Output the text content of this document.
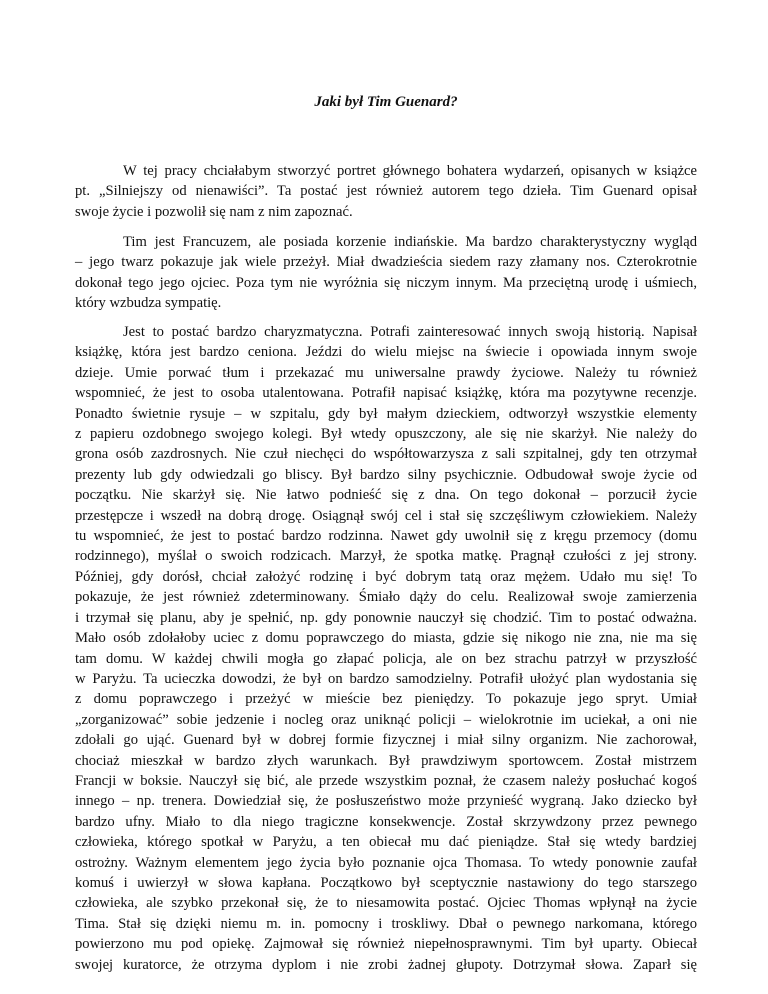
Jaki był Tim Guenard?

W tej pracy chciałabym stworzyć portret głównego bohatera wydarzeń, opisanych w książce
pt. „Silniejszy od nienawiści”. Ta postać jest również autorem tego dzieła. Tim Guenard opisał
swoje życie i pozwolił się nam z nim zapoznać.

Tim jest Francuzem, ale posiada korzenie indiańskie. Ma bardzo charakterystyczny wygląd
– jego twarz pokazuje jak wiele przeżył. Miał dwadzieścia siedem razy złamany nos. Czterokrotnie
dokonał tego jego ojciec. Poza tym nie wyróżnia się niczym innym. Ma przeciętną urodę i uśmiech,
który wzbudza sympatię.

Jest to postać bardzo charyzmatyczna. Potrafi zainteresować innych swoją historią. Napisał
książkę, która jest bardzo ceniona. Jeździ do wielu miejsc na świecie i opowiada innym swoje
dzieje. Umie porwać tłum i przekazać mu uniwersalne prawdy życiowe. Należy tu również
wspomnieć, że jest to osoba utalentowana. Potrafił napisać książkę, która ma pozytywne recenzje.
Ponadto świetnie rysuje – w szpitalu, gdy był małym dzieckiem, odtworzył wszystkie elementy
z papieru ozdobnego swojego kolegi. Był wtedy opuszczony, ale się nie skarżył. Nie należy do
grona osób zazdrosnych. Nie czuł niechęci do współtowarzysza z sali szpitalnej, gdy ten otrzymał
prezenty lub gdy odwiedzali go bliscy. Był bardzo silny psychicznie. Odbudował swoje życie od
początku. Nie skarżył się. Nie łatwo podnieść się z dna. On tego dokonał – porzucił życie
przestępcze i wszedł na dobrą drogę. Osiągnął swój cel i stał się szczęśliwym człowiekiem. Należy
tu wspomnieć, że jest to postać bardzo rodzinna. Nawet gdy uwolnił się z kręgu przemocy (domu
rodzinnego), myślał o swoich rodzicach. Marzył, że spotka matkę. Pragnął czułości z jej strony.
Później, gdy dorósł, chciał założyć rodzinę i być dobrym tatą oraz mężem. Udało mu się! To
pokazuje, że jest również zdeterminowany. Śmiało dąży do celu. Realizował swoje zamierzenia
i trzymał się planu, aby je spełnić, np. gdy ponownie nauczył się chodzić. Tim to postać odważna.
Mało osób zdołałoby uciec z domu poprawczego do miasta, gdzie się nikogo nie zna, nie ma się
tam domu. W każdej chwili mogła go złapać policja, ale on bez strachu patrzył w przyszłość
w Paryżu. Ta ucieczka dowodzi, że był on bardzo samodzielny. Potrafił ułożyć plan wydostania się
z domu poprawczego i przeżyć w mieście bez pieniędzy. To pokazuje jego spryt. Umiał
„zorganizować” sobie jedzenie i nocleg oraz uniknąć policji – wielokrotnie im uciekał, a oni nie
zdołali go ująć. Guenard był w dobrej formie fizycznej i miał silny organizm. Nie zachorował,
chociaż mieszkał w bardzo złych warunkach. Był prawdziwym sportowcem. Został mistrzem
Francji w boksie. Nauczył się bić, ale przede wszystkim poznał, że czasem należy posłuchać kogoś
innego – np. trenera. Dowiedział się, że posłuszeństwo może przynieść wygraną. Jako dziecko był
bardzo ufny. Miało to dla niego tragiczne konsekwencje. Został skrzywdzony przez pewnego
człowieka, którego spotkał w Paryżu, a ten obiecał mu dać pieniądze. Stał się wtedy bardziej
ostrożny. Ważnym elementem jego życia było poznanie ojca Thomasa. To wtedy ponownie zaufał
komuś i uwierzył w słowa kapłana. Początkowo był sceptycznie nastawiony do tego starszego
człowieka, ale szybko przekonał się, że to niesamowita postać. Ojciec Thomas wpłynął na życie
Tima. Stał się dzięki niemu m. in. pomocny i troskliwy. Dbał o pewnego narkomana, którego
powierzono mu pod opiekę. Zajmował się również niepełnosprawnymi. Tim był uparty. Obiecał
swojej kuratorce, że otrzyma dyplom i nie zrobi żadnej głupoty. Dotrzymał słowa. Zaparł się
